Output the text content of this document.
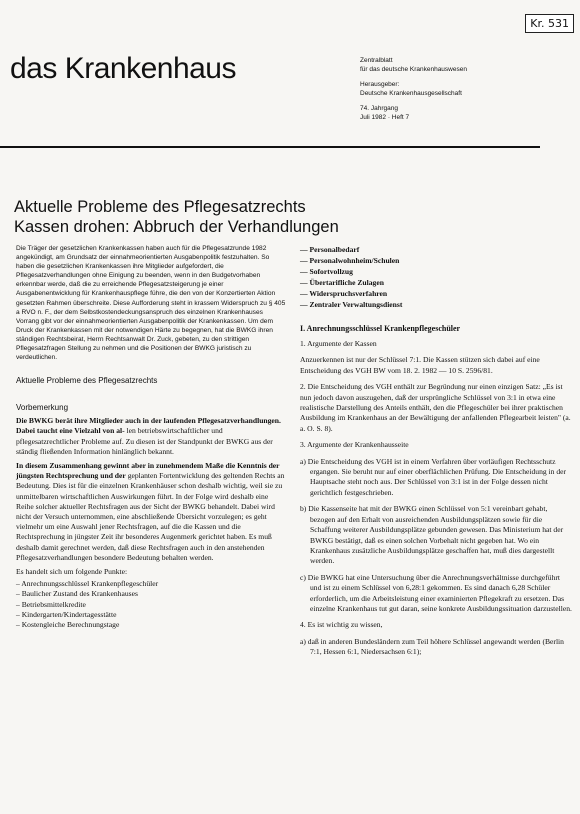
Kr. 531
das Krankenhaus	Zentralblatt
für das deutsche Krankenhauswesen
Herausgeber:
Deutsche Krankenhausgesellschaft
74. Jahrgang
Juli 1982 · Heft 7
Aktuelle Probleme des Pflegesatzrechts
Kassen drohen: Abbruch der Verhandlungen

Die Träger der gesetzlichen Krankenkassen haben auch für die Pflegesatzrunde 1982 angekündigt, am Grundsatz der einnahmeorientierten Ausgabenpolitik festzuhalten. So haben die gesetzlichen Krankenkassen ihre Mitglieder aufgefordert, die Pflegesatzverhandlungen ohne Einigung zu beenden, wenn in den Budgetvorhaben erkennbar werde, daß die zu erreichende Pflegesatzsteigerung je einer Ausgabenentwicklung für Krankenhauspflege führe, die den von der Konzertierten Aktion gesetzten Rahmen überschreite. Diese Aufforderung steht in krassem Widerspruch zu § 405 a RVO n. F., der dem Selbstkostendeckungsanspruch des einzelnen Krankenhauses Vorrang gibt vor der einnahmeorientierten Ausgabenpolitik der Krankenkassen. Um dem Druck der Krankenkassen mit der notwendigen Härte zu begegnen, hat die BWKG ihren ständigen Rechtsbeirat, Herrn Rechtsanwalt Dr. Zuck, gebeten, zu den strittigen Pflegesatzfragen Stellung zu nehmen und die Positionen der BWKG juristisch zu verdeutlichen.

Aktuelle Probleme des Pflegesatzrechts
Vorbemerkung

Die BWKG berät ihre Mitglieder auch in der laufenden Pflegesatzverhandlungen. Dabei taucht eine Vielzahl von al- len betriebswirtschaftlicher und pflegesatzrechtlicher Probleme auf. Zu diesen ist der Standpunkt der BWKG aus der ständig fließenden Information hinlänglich bekannt.

In diesem Zusammenhang gewinnt aber in zunehmendem Maße die Kenntnis der jüngsten Rechtsprechung und der geplanten Fortentwicklung des geltenden Rechts an Bedeutung. Dies ist für die einzelnen Krankenhäuser schon deshalb wichtig, weil sie zu unmittelbaren wirtschaftlichen Auswirkungen führt. In der Folge wird deshalb eine Reihe solcher aktueller Rechtsfragen aus der Sicht der BWKG behandelt. Dabei wird nicht der Versuch unternommen, eine abschließende Übersicht vorzulegen; es geht vielmehr um eine Auswahl jener Rechtsfragen, auf die die Kassen und die Rechtsprechung in jüngster Zeit ihr besonderes Augenmerk gerichtet haben. Es muß deshalb damit gerechnet werden, daß diese Rechtsfragen auch in den anstehenden Pflegesatzverhandlungen besondere Bedeutung behalten werden.

Es handelt sich um folgende Punkte:

– Anrechnungsschlüssel Krankenpflegeschüler
– Baulicher Zustand des Krankenhauses
– Betriebsmittelkredite
– Kindergarten/Kindertagesstätte
– Kostengleiche Berechnungstage
— Personalbedarf
— Personalwohnheim/Schulen
— Sofortvollzug
— Übertarifliche Zulagen
— Widerspruchsverfahren
— Zentraler Verwaltungsdienst
I. Anrechnungsschlüssel Krankenpflegeschüler

1. Argumente der Kassen

Anzuerkennen ist nur der Schlüssel 7:1. Die Kassen stützen sich dabei auf eine Entscheidung des VGH BW vom 18. 2. 1982 — 10 S. 2596/81.

2. Die Entscheidung des VGH enthält zur Begründung nur einen einzigen Satz: „Es ist nun jedoch davon auszugehen, daß der ursprüngliche Schlüssel von 3:1 in etwa eine realistische Darstellung des Anteils enthält, den die Pflegeschüler bei ihrer praktischen Ausbildung im Krankenhaus an der Bewältigung der anfallenden Pflegearbeit leisten" (a. a. O. S. 8).

3. Argumente der Krankenhausseite

a) Die Entscheidung des VGH ist in einem Verfahren über vorläufigen Rechtsschutz ergangen. Sie beruht nur auf einer oberflächlichen Prüfung. Die Entscheidung in der Hauptsache steht noch aus. Der Schlüssel von 3:1 ist in der Folge dessen nicht gerichtlich festgeschrieben.

b) Die Kassenseite hat mit der BWKG einen Schlüssel von 5:1 vereinbart gehabt, bezogen auf den Erhalt von ausreichenden Ausbildungsplätzen sowie für die Schaffung weiterer Ausbildungsplätze gebunden gewesen. Das Ministerium hat der BWKG bestätigt, daß es einen solchen Vorbehalt nicht gegeben hat. Wo ein Krankenhaus zusätzliche Ausbildungsplätze geschaffen hat, muß dies dargestellt werden.

c) Die BWKG hat eine Untersuchung über die Anrechnungsverhältnisse durchgeführt und ist zu einem Schlüssel von 6,28:1 gekommen. Es sind danach 6,28 Schüler erforderlich, um die Arbeitsleistung einer examinierten Pflegekraft zu ersetzen. Das einzelne Krankenhaus tut gut daran, seine konkrete Ausbildungssituation darzustellen.

4. Es ist wichtig zu wissen,

a) daß in anderen Bundesländern zum Teil höhere Schlüssel angewandt werden (Berlin 7:1, Hessen 6:1, Niedersachsen 6:1);
